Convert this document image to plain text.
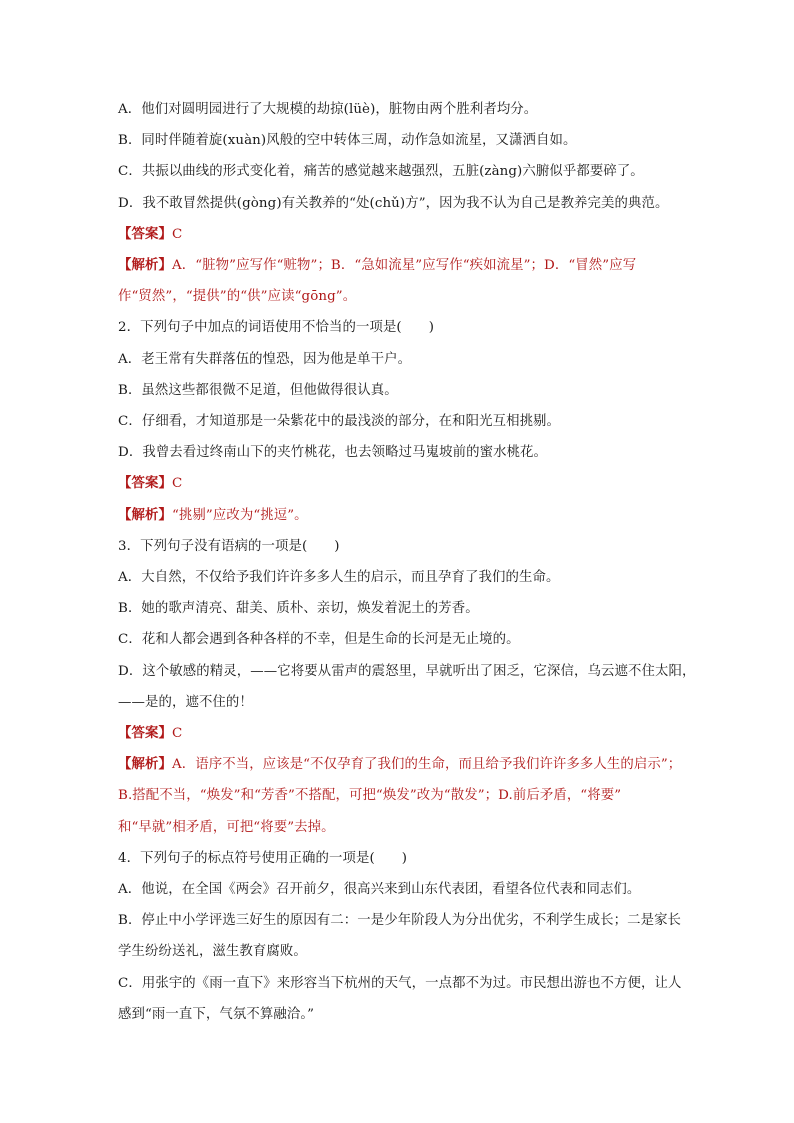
A．他们对圆明园进行了大规模的劫掠(lüè)，脏物由两个胜利者均分。
B．同时伴随着旋(xuàn)风般的空中转体三周，动作急如流星，又潇洒自如。
C．共振以曲线的形式变化着，痛苦的感觉越来越强烈，五脏(zàng)六腑似乎都要碎了。
D．我不敢冒然提供(gòng)有关教养的“处(chǔ)方”，因为我不认为自己是教养完美的典范。
【答案】C
【解析】A．“脏物”应写作“赃物”；B．“急如流星”应写作“疾如流星”；D．“冒然”应写
作“贸然”，“提供”的“供”应读“gōng”。
2．下列句子中加点的词语使用不恰当的一项是(　　)
A．老王常有失群落伍的惶恐，因为他是单干户。
B．虽然这些都很微不足道，但他做得很认真。
C．仔细看，才知道那是一朵紫花中的最浅淡的部分，在和阳光互相挑剔。
D．我曾去看过终南山下的夹竹桃花，也去领略过马嵬坡前的蜜水桃花。
【答案】C
【解析】“挑剔”应改为“挑逗”。
3．下列句子没有语病的一项是(　　)
A．大自然，不仅给予我们许许多多人生的启示，而且孕育了我们的生命。
B．她的歌声清亮、甜美、质朴、亲切，焕发着泥土的芳香。
C．花和人都会遇到各种各样的不幸，但是生命的长河是无止境的。
D．这个敏感的精灵，——它将要从雷声的震怒里，早就听出了困乏，它深信，乌云遮不住太阳，
——是的，遮不住的！
【答案】C
【解析】A．语序不当，应该是“不仅孕育了我们的生命，而且给予我们许许多多人生的启示”；
B.搭配不当，“焕发”和“芳香”不搭配，可把“焕发”改为“散发”；D.前后矛盾，“将要”
和“早就”相矛盾，可把“将要”去掉。
4．下列句子的标点符号使用正确的一项是(　　)
A．他说，在全国《两会》召开前夕，很高兴来到山东代表团，看望各位代表和同志们。
B．停止中小学评选三好生的原因有二：一是少年阶段人为分出优劣，不利学生成长；二是家长
学生纷纷送礼，滋生教育腐败。
C．用张宇的《雨一直下》来形容当下杭州的天气，一点都不为过。市民想出游也不方便，让人
感到“雨一直下，气氛不算融洽。”
